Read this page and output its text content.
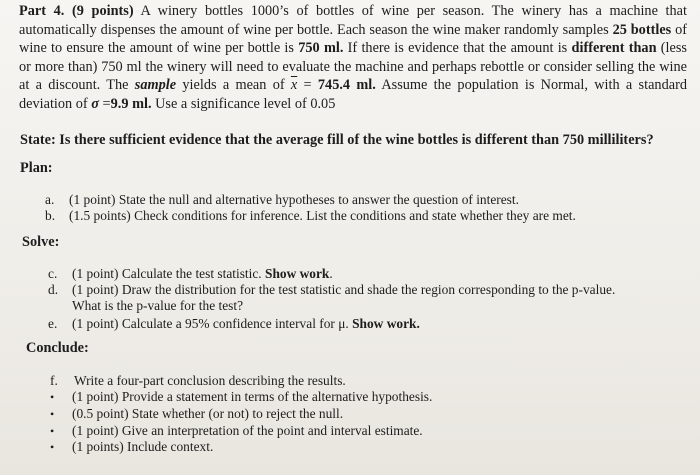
Part 4. (9 points) A winery bottles 1000’s of bottles of wine per season. The winery has a machine that automatically dispenses the amount of wine per bottle. Each season the wine maker randomly samples 25 bottles of wine to ensure the amount of wine per bottle is 750 ml. If there is evidence that the amount is different than (less or more than) 750 ml the winery will need to evaluate the machine and perhaps rebottle or consider selling the wine at a discount. The sample yields a mean of $\overline{x} = 745.4$ ml. Assume the population is Normal, with a standard deviation of σ =9.9 ml. Use a significance level of 0.05
State: Is there sufficient evidence that the average fill of the wine bottles is different than 750 milliliters?
Plan:
a. (1 point) State the null and alternative hypotheses to answer the question of interest.
b. (1.5 points) Check conditions for inference. List the conditions and state whether they are met.
Solve:
c. (1 point) Calculate the test statistic. Show work.
d. (1 point) Draw the distribution for the test statistic and shade the region corresponding to the p-value.
What is the p-value for the test?
e. (1 point) Calculate a 95% confidence interval for μ. Show work.
Conclude:
f. Write a four-part conclusion describing the results.
• (1 point) Provide a statement in terms of the alternative hypothesis.
• (0.5 point) State whether (or not) to reject the null.
• (1 point) Give an interpretation of the point and interval estimate.
• (1 points) Include context.
